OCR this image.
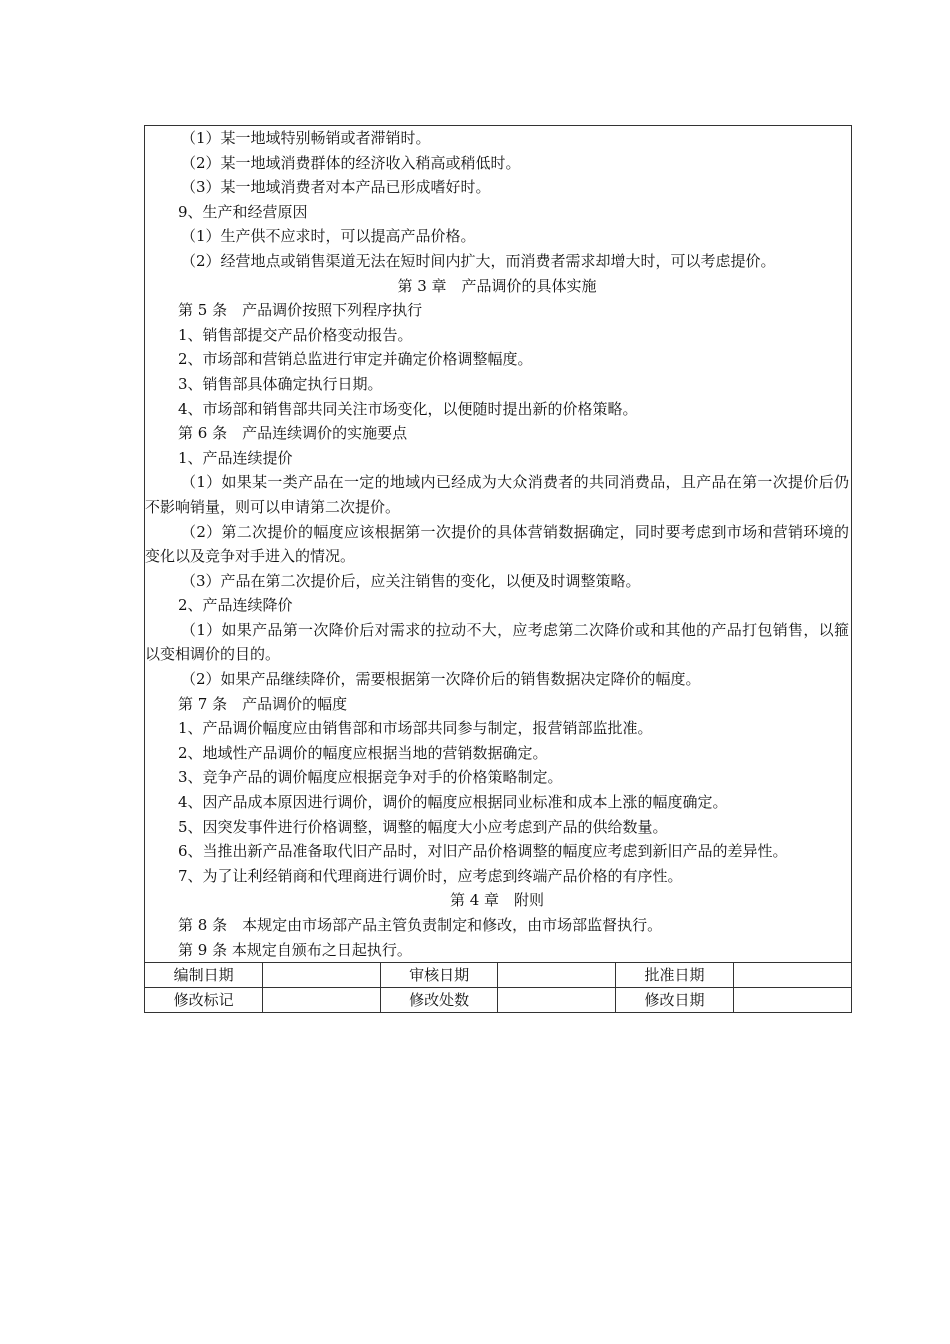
（1）某一地域特别畅销或者滞销时。
（2）某一地域消费群体的经济收入稍高或稍低时。
（3）某一地域消费者对本产品已形成嗜好时。
9、生产和经营原因
（1）生产供不应求时，可以提高产品价格。
（2）经营地点或销售渠道无法在短时间内扩大，而消费者需求却增大时，可以考虑提价。
第 3 章　产品调价的具体实施
第 5 条　产品调价按照下列程序执行
1、销售部提交产品价格变动报告。
2、市场部和营销总监进行审定并确定价格调整幅度。
3、销售部具体确定执行日期。
4、市场部和销售部共同关注市场变化，以便随时提出新的价格策略。
第 6 条　产品连续调价的实施要点
1、产品连续提价
（1）如果某一类产品在一定的地域内已经成为大众消费者的共同消费品，且产品在第一次提价后仍不影响销量，则可以申请第二次提价。
（2）第二次提价的幅度应该根据第一次提价的具体营销数据确定，同时要考虑到市场和营销环境的变化以及竞争对手进入的情况。
（3）产品在第二次提价后，应关注销售的变化，以便及时调整策略。
2、产品连续降价
（1）如果产品第一次降价后对需求的拉动不大，应考虑第二次降价或和其他的产品打包销售，以箍以变相调价的目的。
（2）如果产品继续降价，需要根据第一次降价后的销售数据决定降价的幅度。
第 7 条　产品调价的幅度
1、产品调价幅度应由销售部和市场部共同参与制定，报营销部监批准。
2、地域性产品调价的幅度应根据当地的营销数据确定。
3、竞争产品的调价幅度应根据竞争对手的价格策略制定。
4、因产品成本原因进行调价，调价的幅度应根据同业标准和成本上涨的幅度确定。
5、因突发事件进行价格调整，调整的幅度大小应考虑到产品的供给数量。
6、当推出新产品准备取代旧产品时，对旧产品价格调整的幅度应考虑到新旧产品的差异性。
7、为了让利经销商和代理商进行调价时，应考虑到终端产品价格的有序性。
第 4 章　附则
第 8 条　本规定由市场部产品主管负责制定和修改，由市场部监督执行。
第 9 条 本规定自颁布之日起执行。
编制日期		审核日期		批准日期	
修改标记		修改处数		修改日期	
